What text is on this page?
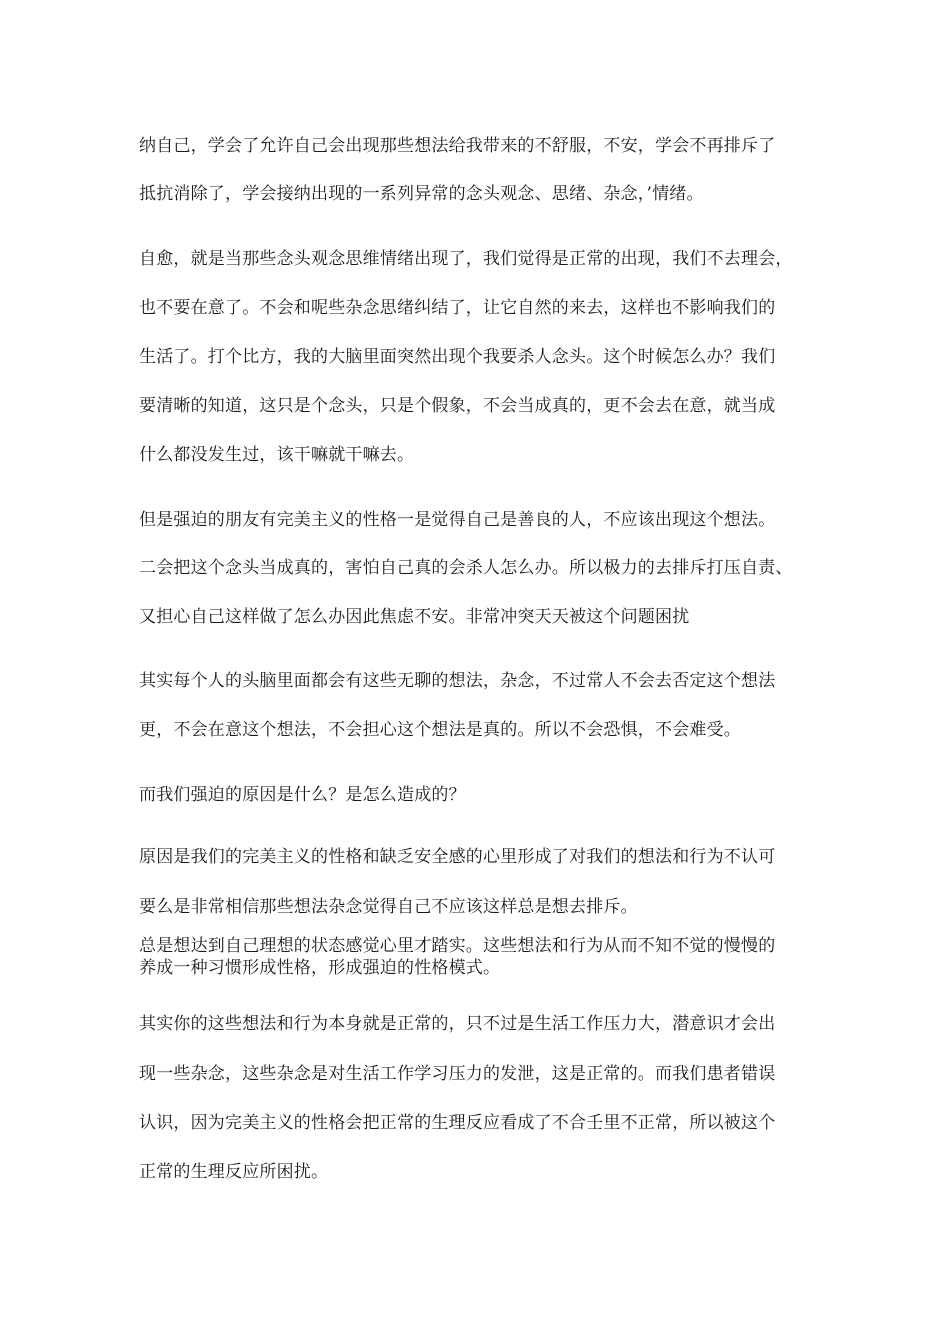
纳自己，学会了允许自己会出现那些想法给我带来的不舒服，不安，学会不再排斥了
抵抗消除了，学会接纳出现的一系列异常的念头观念、思绪、杂念，’情绪。
自愈，就是当那些念头观念思维情绪出现了，我们觉得是正常的出现，我们不去理会，
也不要在意了。不会和呢些杂念思绪纠结了，让它自然的来去，这样也不影响我们的
生活了。打个比方，我的大脑里面突然出现个我要杀人念头。这个时候怎么办？我们
要清晰的知道，这只是个念头，只是个假象，不会当成真的，更不会去在意，就当成
什么都没发生过，该干嘛就干嘛去。
但是强迫的朋友有完美主义的性格一是觉得自己是善良的人，不应该出现这个想法。
二会把这个念头当成真的，害怕自己真的会杀人怎么办。所以极力的去排斥打压自责、
又担心自己这样做了怎么办因此焦虑不安。非常冲突天天被这个问题困扰
其实每个人的头脑里面都会有这些无聊的想法，杂念，不过常人不会去否定这个想法
更，不会在意这个想法，不会担心这个想法是真的。所以不会恐惧，不会难受。
而我们强迫的原因是什么？是怎么造成的？
原因是我们的完美主义的性格和缺乏安全感的心里形成了对我们的想法和行为不认可
要么是非常相信那些想法杂念觉得自己不应该这样总是想去排斥。
总是想达到自己理想的状态感觉心里才踏实。这些想法和行为从而不知不觉的慢慢的
养成一种习惯形成性格，形成强迫的性格模式。
其实你的这些想法和行为本身就是正常的，只不过是生活工作压力大，潜意识才会出
现一些杂念，这些杂念是对生活工作学习压力的发泄，这是正常的。而我们患者错误
认识，因为完美主义的性格会把正常的生理反应看成了不合壬里不正常，所以被这个
正常的生理反应所困扰。
